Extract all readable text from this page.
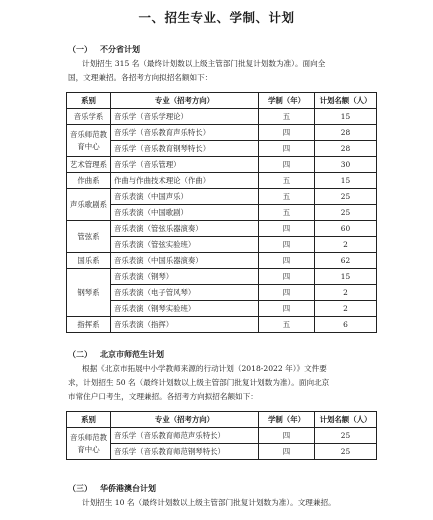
一、招生专业、学制、计划
（一） 不分省计划
计划招生 315 名（最终计划数以上级主管部门批复计划数为准）。面向全
国，文理兼招。各招考方向拟招名额如下：
系别	专业（招考方向）	学制（年）	计划名额（人）
音乐学系	音乐学（音乐学理论）	五	15
音乐师范教育中心	音乐学（音乐教育声乐特长）	四	28
	音乐学（音乐教育钢琴特长）	四	28
艺术管理系	音乐学（音乐管理）	四	30
作曲系	作曲与作曲技术理论（作曲）	五	15
声乐歌剧系	音乐表演（中国声乐）	五	25
	音乐表演（中国歌剧）	五	25
管弦系	音乐表演（管弦乐器演奏）	四	60
	音乐表演（管弦实验班）	四	2
国乐系	音乐表演（中国乐器演奏）	四	62
钢琴系	音乐表演（钢琴）	四	15
	音乐表演（电子管风琴）	四	2
	音乐表演（钢琴实验班）	四	2
指挥系	音乐表演（指挥）	五	6
（二） 北京市师范生计划
根据《北京市拓展中小学教师来源的行动计划（2018-2022 年）》文件要
求，计划招生 50 名（最终计划数以上级主管部门批复计划数为准）。面向北京
市常住户口考生，文理兼招。各招考方向拟招名额如下：
系别	专业（招考方向）	学制（年）	计划名额（人）
音乐师范教育中心	音乐学（音乐教育师范声乐特长）	四	25
	音乐学（音乐教育师范钢琴特长）	四	25
（三） 华侨港澳台计划
计划招生 10 名（最终计划数以上级主管部门批复计划数为准）。文理兼招。
